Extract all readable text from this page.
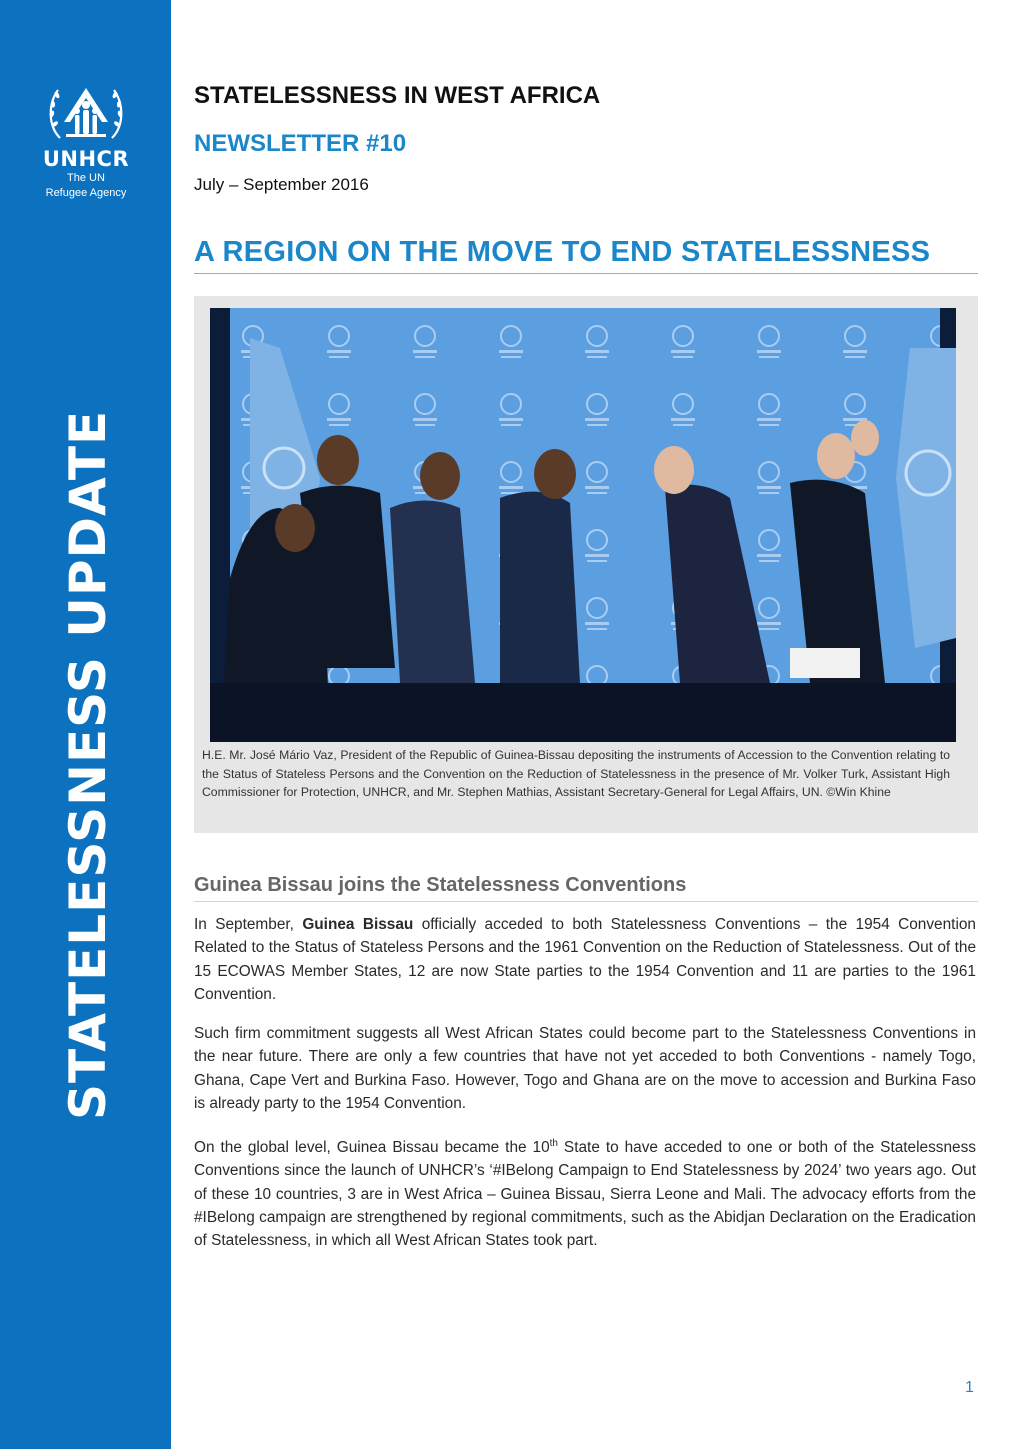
UNHCR
The UN
Refugee Agency
STATELESSNESS UPDATE
STATELESSNESS IN WEST AFRICA
NEWSLETTER #10
July – September 2016
A REGION ON THE MOVE TO END STATELESSNESS
H.E. Mr. José Mário Vaz, President of the Republic of Guinea-Bissau depositing the instruments of Accession to the Convention relating to the Status of Stateless Persons and the Convention on the Reduction of Statelessness in the presence of Mr. Volker Turk, Assistant High Commissioner for Protection, UNHCR, and Mr. Stephen Mathias, Assistant Secretary-General for Legal Affairs, UN. ©Win Khine
Guinea Bissau joins the Statelessness Conventions

In September, Guinea Bissau officially acceded to both Statelessness Conventions – the 1954 Convention Related to the Status of Stateless Persons and the 1961 Convention on the Reduction of Statelessness. Out of the 15 ECOWAS Member States, 12 are now State parties to the 1954 Convention and 11 are parties to the 1961 Convention.

Such firm commitment suggests all West African States could become part to the Statelessness Conventions in the near future. There are only a few countries that have not yet acceded to both Conventions - namely Togo, Ghana, Cape Vert and Burkina Faso. However, Togo and Ghana are on the move to accession and Burkina Faso is already party to the 1954 Convention.

On the global level, Guinea Bissau became the 10th State to have acceded to one or both of the Statelessness Conventions since the launch of UNHCR’s ‘#IBelong Campaign to End Statelessness by 2024’ two years ago. Out of these 10 countries, 3 are in West Africa – Guinea Bissau, Sierra Leone and Mali. The advocacy efforts from the #IBelong campaign are strengthened by regional commitments, such as the Abidjan Declaration on the Eradication of Statelessness, in which all West African States took part.

1
